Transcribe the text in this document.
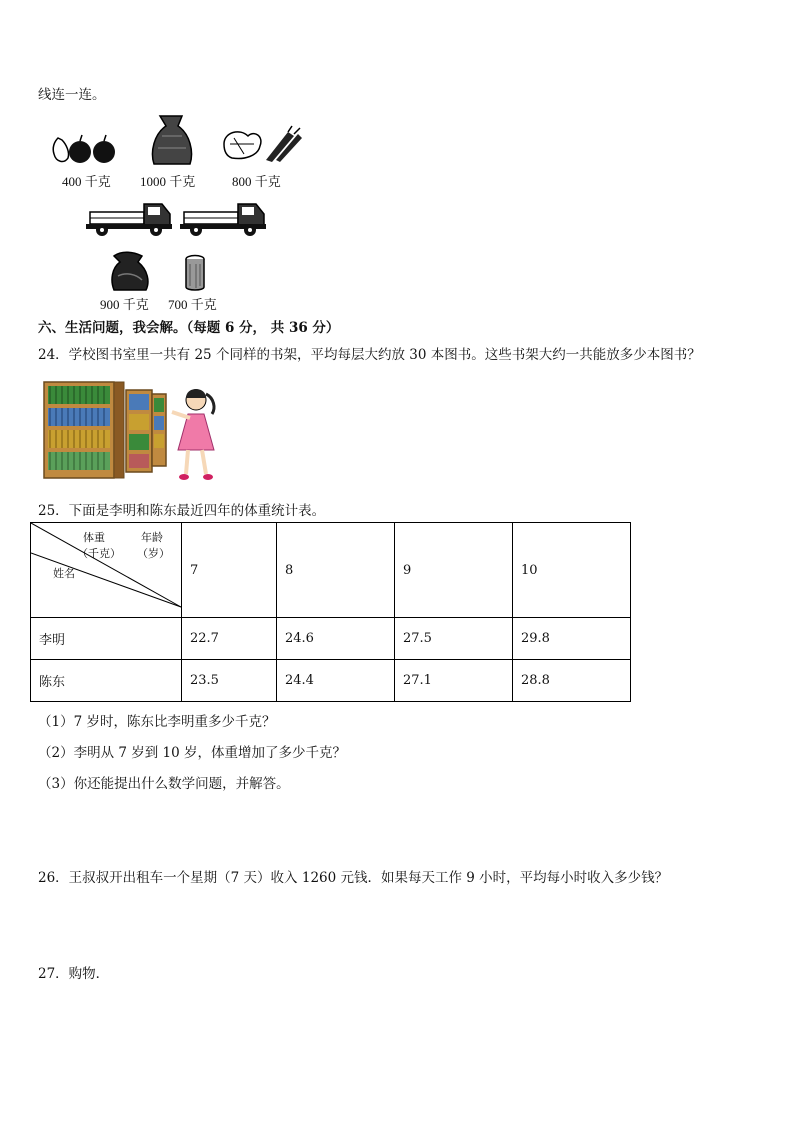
线连一连。
400 千克 1000 千克	800 千克
900 千克 700 千克
六、生活问题，我会解。（每题 6 分， 共 36 分）
24．学校图书室里一共有 25 个同样的书架，平均每层大约放 30 本图书。这些书架大约一共能放多少本图书？
25．下面是李明和陈东最近四年的体重统计表。
体重
（千克）
年龄
（岁）
姓名	7	8	9	10
李明	22.7	24.6	27.5	29.8
陈东	23.5	24.4	27.1	28.8
（1）7 岁时，陈东比李明重多少千克？
（2）李明从 7 岁到 10 岁，体重增加了多少千克？
（3）你还能提出什么数学问题，并解答。
26．王叔叔开出租车一个星期（7 天）收入 1260 元钱．如果每天工作 9 小时，平均每小时收入多少钱？
27．购物．
